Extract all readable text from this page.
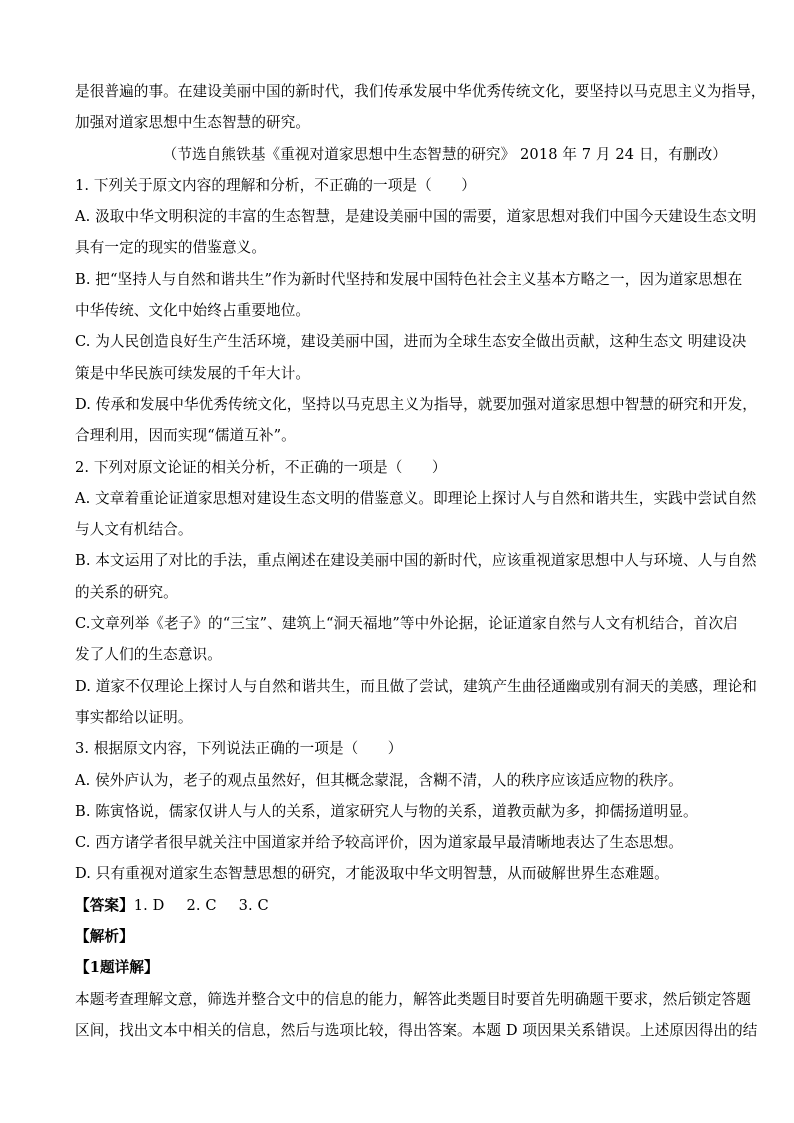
是很普遍的事。在建设美丽中国的新时代，我们传承发展中华优秀传统文化，要坚持以马克思主义为指导，
加强对道家思想中生态智慧的研究。
（节选自熊铁基《重视对道家思想中生态智慧的研究》 2018 年 7 月 24 日，有删改）
1. 下列关于原文内容的理解和分析，不正确的一项是（　　）
A. 汲取中华文明积淀的丰富的生态智慧，是建设美丽中国的需要，道家思想对我们中国今天建设生态文明
具有一定的现实的借鉴意义。
B. 把“坚持人与自然和谐共生”作为新时代坚持和发展中国特色社会主义基本方略之一，因为道家思想在
中华传统、文化中始终占重要地位。
C. 为人民创造良好生产生活环境，建设美丽中国，进而为全球生态安全做出贡献，这种生态文 明建设决
策是中华民族可续发展的千年大计。
D. 传承和发展中华优秀传统文化，坚持以马克思主义为指导，就要加强对道家思想中智慧的研究和开发，
合理利用，因而实现“儒道互补”。
2. 下列对原文论证的相关分析，不正确的一项是（　　）
A. 文章着重论证道家思想对建设生态文明的借鉴意义。即理论上探讨人与自然和谐共生，实践中尝试自然
与人文有机结合。
B. 本文运用了对比的手法，重点阐述在建设美丽中国的新时代，应该重视道家思想中人与环境、人与自然
的关系的研究。
C.文章列举《老子》的“三宝”、建筑上“洞天福地”等中外论据，论证道家自然与人文有机结合，首次启
发了人们的生态意识。
D. 道家不仅理论上探讨人与自然和谐共生，而且做了尝试，建筑产生曲径通幽或别有洞天的美感，理论和
事实都给以证明。
3. 根据原文内容，下列说法正确的一项是（　　）
A. 侯外庐认为，老子的观点虽然好，但其概念蒙混，含糊不清，人的秩序应该适应物的秩序。
B. 陈寅恪说，儒家仅讲人与人的关系，道家研究人与物的关系，道教贡献为多，抑儒扬道明显。
C. 西方诸学者很早就关注中国道家并给予较高评价，因为道家最早最清晰地表达了生态思想。
D. 只有重视对道家生态智慧思想的研究，才能汲取中华文明智慧，从而破解世界生态难题。
【答案】1. D 2. C 3. C
【解析】
【1题详解】
本题考查理解文意，筛选并整合文中的信息的能力，解答此类题目时要首先明确题干要求，然后锁定答题
区间，找出文本中相关的信息，然后与选项比较，得出答案。本题 D 项因果关系错误。上述原因得出的结
